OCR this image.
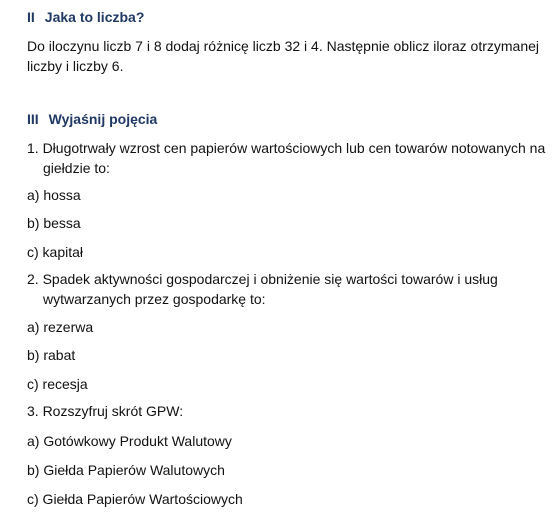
II Jaka to liczba?

Do iloczynu liczb 7 i 8 dodaj różnicę liczb 32 i 4. Następnie oblicz iloraz otrzymanej
liczby i liczby 6.

III Wyjaśnij pojęcia

1. Długotrwały wzrost cen papierów wartościowych lub cen towarów notowanych na
giełdzie to:

a) hossa

b) bessa

c) kapitał

2. Spadek aktywności gospodarczej i obniżenie się wartości towarów i usług
wytwarzanych przez gospodarkę to:

a) rezerwa

b) rabat

c) recesja

3. Rozszyfruj skrót GPW:

a) Gotówkowy Produkt Walutowy

b) Giełda Papierów Walutowych

c) Giełda Papierów Wartościowych
